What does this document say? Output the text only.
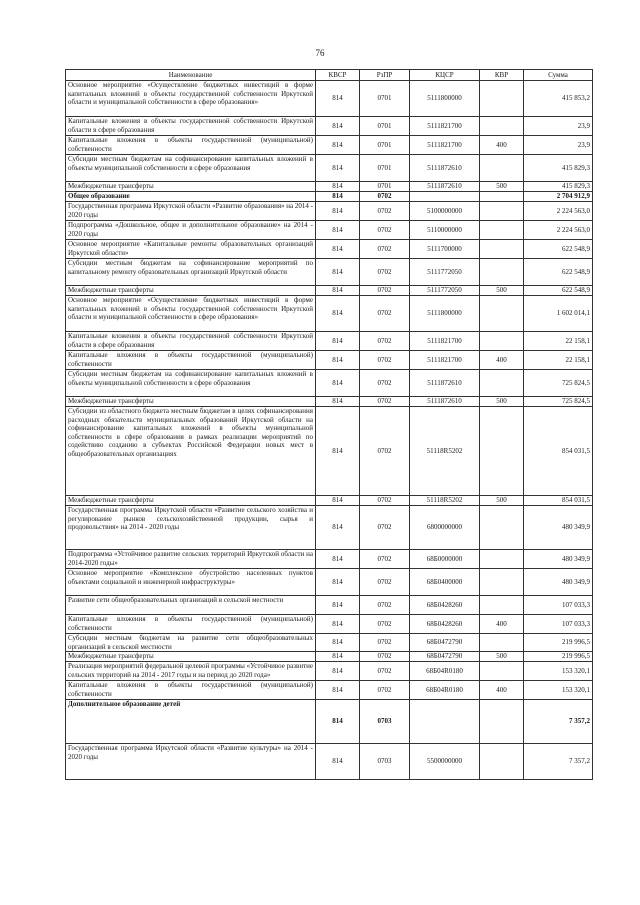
76
Наименование	КВСР	РзПР	КЦСР	КВР	Сумма
Основное мероприятие «Осуществление бюджетных инвестиций в форме капитальных вложений в объекты государственной собственности Иркутской области и муниципальной собственности в сфере образования»	814	0701	5111800000		415 853,2
Капитальные вложения в объекты государственной собственности Иркутской области в сфере образования	814	0701	5111821700		23,9
Капитальные вложения в объекты государственной (муниципальной) собственности	814	0701	5111821700	400	23,9
Субсидии местным бюджетам на софинансирование капитальных вложений в объекты муниципальной собственности в сфере образования	814	0701	5111872610		415 829,3
Межбюджетные трансферты	814	0701	5111872610	500	415 829,3
Общее образование	814	0702			2 704 912,9
Государственная программа Иркутской области «Развитие образования» на 2014 - 2020 годы	814	0702	5100000000		2 224 563,0
Подпрограмма «Дошкольное, общее и дополнительное образование» на 2014 - 2020 годы	814	0702	5110000000		2 224 563,0
Основное мероприятие «Капитальные ремонты образовательных организаций Иркутской области»	814	0702	5111700000		622 548,9
Субсидии местным бюджетам на софинансирование мероприятий по капитальному ремонту образовательных организаций Иркутской области	814	0702	5111772050		622 548,9
Межбюджетные трансферты	814	0702	5111772050	500	622 548,9
Основное мероприятие «Осуществление бюджетных инвестиций в форме капитальных вложений в объекты государственной собственности Иркутской области и муниципальной собственности в сфере образования»	814	0702	5111800000		1 602 014,1
Капитальные вложения в объекты государственной собственности Иркутской области в сфере образования	814	0702	5111821700		22 158,1
Капитальные вложения в объекты государственной (муниципальной) собственности	814	0702	5111821700	400	22 158,1
Субсидии местным бюджетам на софинансирование капитальных вложений в объекты муниципальной собственности в сфере образования	814	0702	5111872610		725 824,5
Межбюджетные трансферты	814	0702	5111872610	500	725 824,5
Субсидии из областного бюджета местным бюджетам в целях софинансирования расходных обязательств муниципальных образований Иркутской области на софинансирование капитальных вложений в объекты муниципальной собственности в сфере образования в рамках реализации мероприятий по содействию созданию в субъектах Российской Федерации новых мест в общеобразовательных организациях	814	0702	51118R5202		854 031,5
Межбюджетные трансферты	814	0702	51118R5202	500	854 031,5
Государственная программа Иркутской области «Развитие сельского хозяйства и регулирование рынков сельскохозяйственной продукции, сырья и продовольствия» на 2014 - 2020 годы	814	0702	6800000000		480 349,9
Подпрограмма «Устойчивое развитие сельских территорий Иркутской области на 2014-2020 годы»	814	0702	68Б0000000		480 349,9
Основное мероприятие «Комплексное обустройство населенных пунктов объектами социальной и инженерной инфраструктуры»	814	0702	68Б0400000		480 349,9
Развитие сети общеобразовательных организаций в сельской местности	814	0702	68Б0428260		107 033,3
Капитальные вложения в объекты государственной (муниципальной) собственности	814	0702	68Б0428260	400	107 033,3
Субсидии местным бюджетам на развитие сети общеобразовательных организаций в сельской местности	814	0702	68Б0472790		219 996,5
Межбюджетные трансферты	814	0702	68Б0472790	500	219 996,5
Реализация мероприятий федеральной целевой программы «Устойчивое развитие сельских территорий на 2014 - 2017 годы и на период до 2020 года»	814	0702	68Б04R0180		153 320,1
Капитальные вложения в объекты государственной (муниципальной) собственности	814	0702	68Б04R0180	400	153 320,1
Дополнительное образование детей	814	0703			7 357,2
Государственная программа Иркутской области «Развитие культуры» на 2014 - 2020 годы	814	0703	5500000000		7 357,2
